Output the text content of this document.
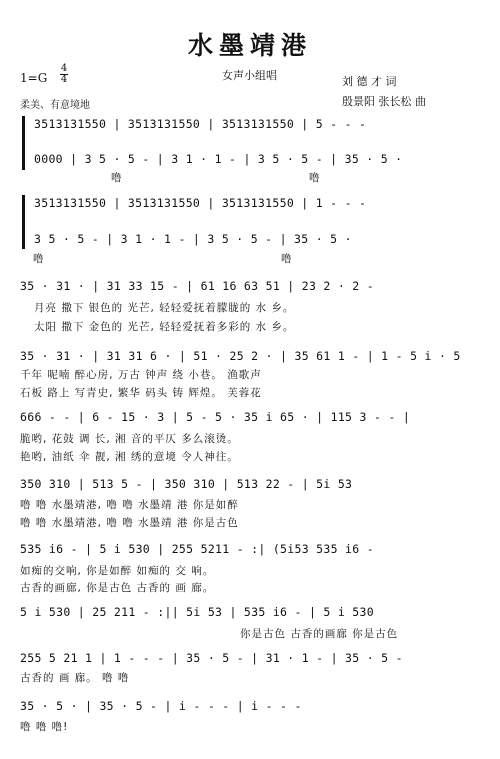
水墨靖港
1=G
4
4	女声小组唱	刘 德 才 词
殷景阳 张长松 曲
柔美、有意境地
3513131550 | 3513131550 | 3513131550 | 5 - - -
0000 | 3 5 · 5 - | 3 1 · 1 - | 3 5 · 5 - | 35 · 5 ·
噜	噜
3513131550 | 3513131550 | 3513131550 | 1 - - -
3 5 · 5 - | 3 1 · 1 - | 3 5 · 5 - | 35 · 5 ·
噜	噜
35 · 31 · | 31 33 15 - | 61 16 63 51 | 23 2 · 2 -
月亮 撒下 银色的 光芒, 轻轻爱抚着朦胧的 水 乡。
太阳 撒下 金色的 光芒, 轻轻爱抚着多彩的 水 乡。
35 · 31 · | 31 31 6 · | 51 · 25 2 · | 35 61 1 - | 1 - 5 i · 5
千年 呢喃 醉心房, 万古 钟声 绕 小巷。 渔歌声
石板 路上 写青史, 繁华 码头 铸 辉煌。 芙蓉花
666 - - | 6 - 15 · 3 | 5 - 5 · 35 i 65 · | 115 3 - - |
脆哟, 花鼓 调 长, 湘 音的平仄 多么滚烫。
艳哟, 油纸 伞 靓, 湘 绣的意境 令人神往。
350 310 | 513 5 - | 350 310 | 513 22 - | 5i 53
噜 噜 水墨靖港, 噜 噜 水墨靖 港 你是如醉
噜 噜 水墨靖港, 噜 噜 水墨靖 港 你是古色
535 i6 - | 5 i 530 | 255 5211 - :| (5i53 535 i6 -
如痴的交响, 你是如醉 如痴的 交 响。
古香的画廊, 你是古色 古香的 画 廊。
5 i 530 | 25 211 - :|| 5i 53 | 535 i6 - | 5 i 530
你是古色 古香的画廊 你是古色
255 5 21 1 | 1 - - - | 35 · 5 - | 31 · 1 - | 35 · 5 -
古香的 画 廊。 噜 噜
35 · 5 · | 35 · 5 - | i - - - | i - - -
噜 噜 噜!
